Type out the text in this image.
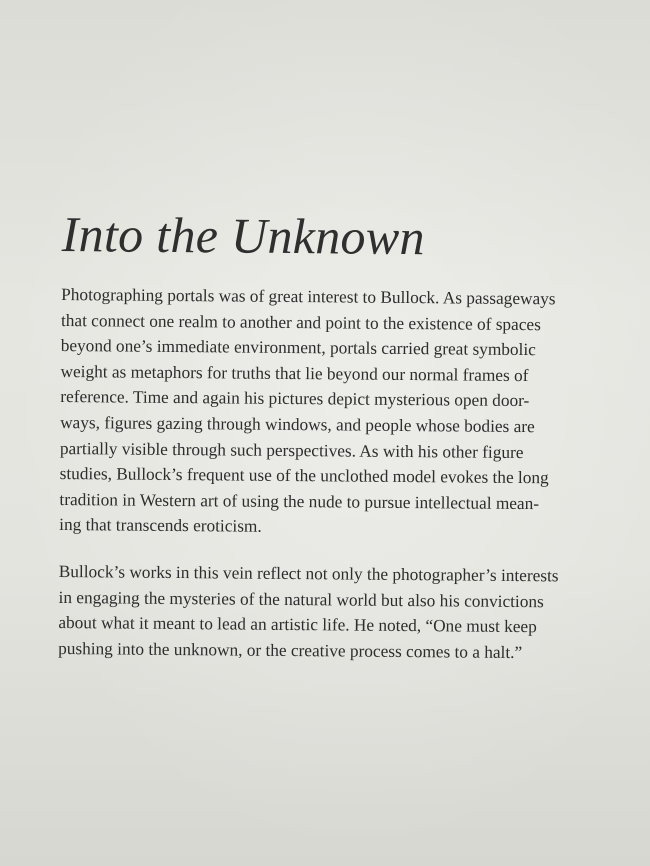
Into the Unknown

Photographing portals was of great interest to Bullock. As passageways
that connect one realm to another and point to the existence of spaces
beyond one’s immediate environment, portals carried great symbolic
weight as metaphors for truths that lie beyond our normal frames of
reference. Time and again his pictures depict mysterious open door-
ways, figures gazing through windows, and people whose bodies are
partially visible through such perspectives. As with his other figure
studies, Bullock’s frequent use of the unclothed model evokes the long
tradition in Western art of using the nude to pursue intellectual mean-
ing that transcends eroticism.

Bullock’s works in this vein reflect not only the photographer’s interests
in engaging the mysteries of the natural world but also his convictions
about what it meant to lead an artistic life. He noted, “One must keep
pushing into the unknown, or the creative process comes to a halt.”
